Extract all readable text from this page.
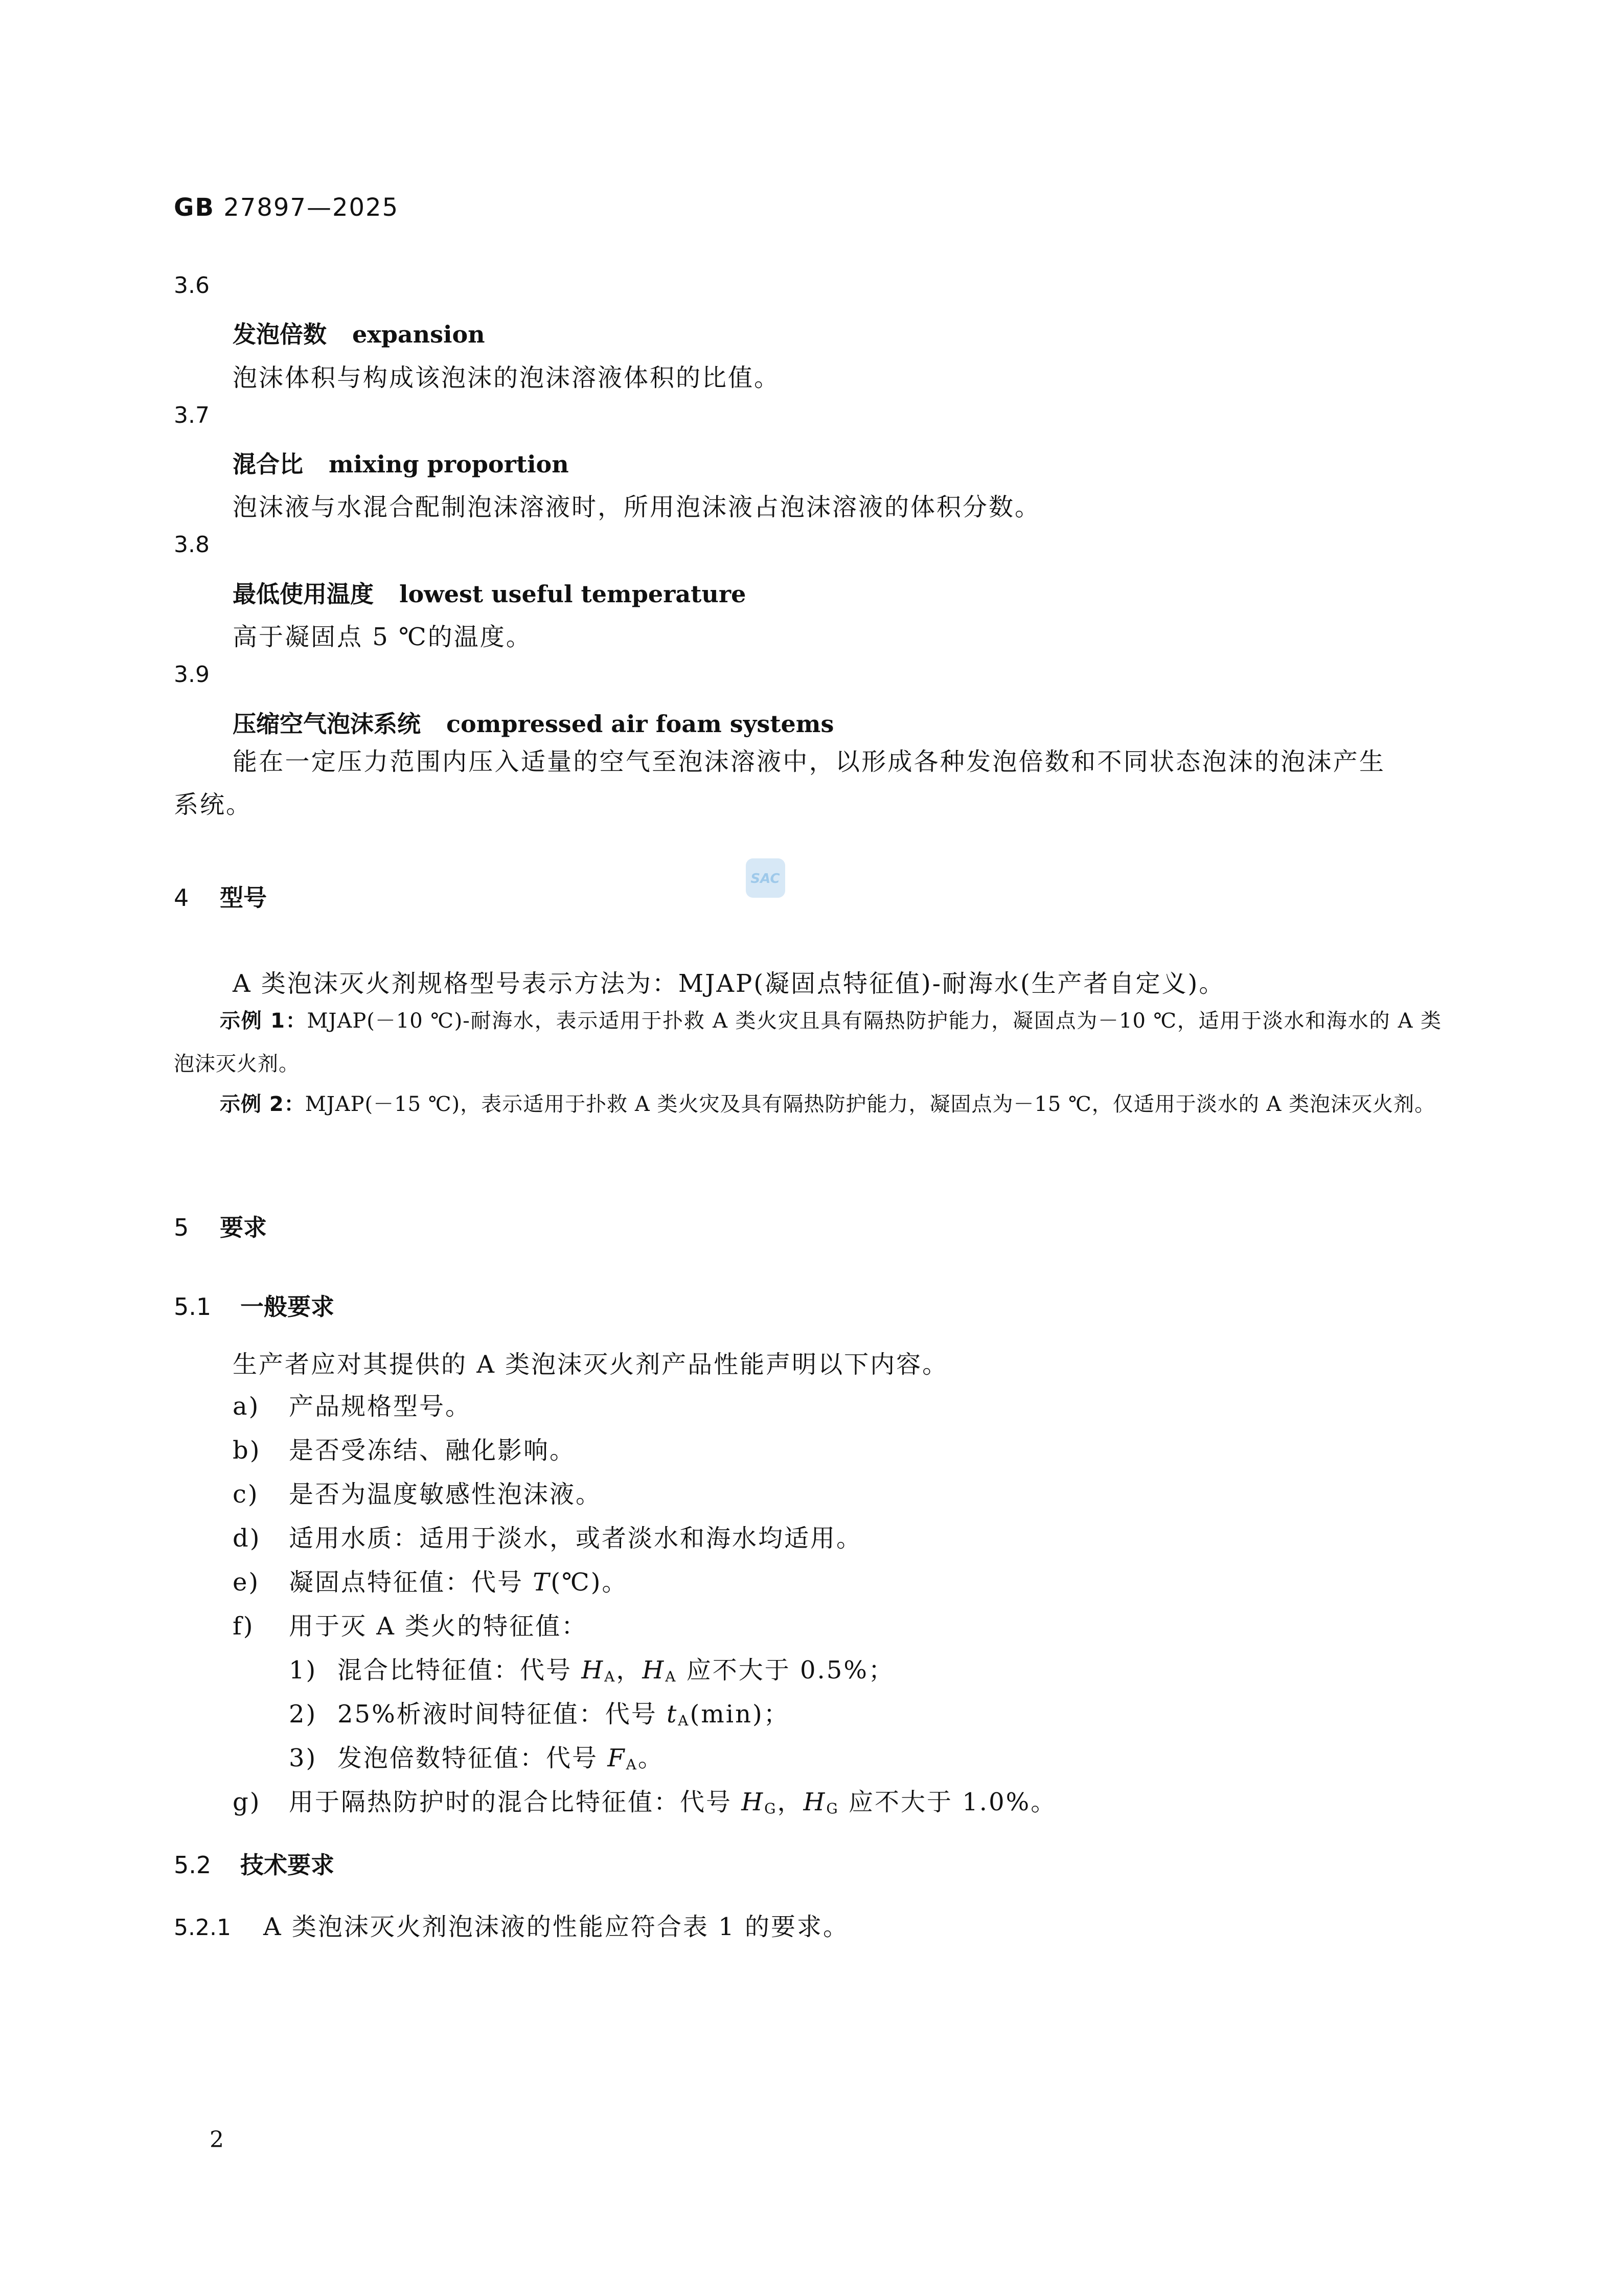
GB 27897—2025
3.6
发泡倍数 expansion
泡沫体积与构成该泡沫的泡沫溶液体积的比值。
3.7
混合比 mixing proportion
泡沫液与水混合配制泡沫溶液时，所用泡沫液占泡沫溶液的体积分数。
3.8
最低使用温度 lowest useful temperature
高于凝固点 5 ℃的温度。
3.9
压缩空气泡沫系统 compressed air foam systems
能在一定压力范围内压入适量的空气至泡沫溶液中，以形成各种发泡倍数和不同状态泡沫的泡沫产生系统。
SAC
4 型号
A 类泡沫灭火剂规格型号表示方法为：MJAP(凝固点特征值)-耐海水(生产者自定义)。
示例 1：MJAP(－10 ℃)-耐海水，表示适用于扑救 A 类火灾且具有隔热防护能力，凝固点为－10 ℃，适用于淡水和海水的 A 类泡沫灭火剂。
示例 2：MJAP(－15 ℃)，表示适用于扑救 A 类火灾及具有隔热防护能力，凝固点为－15 ℃，仅适用于淡水的 A 类泡沫灭火剂。
5 要求
5.1 一般要求
生产者应对其提供的 A 类泡沫灭火剂产品性能声明以下内容。
a) 产品规格型号。
b) 是否受冻结、融化影响。
c) 是否为温度敏感性泡沫液。
d) 适用水质：适用于淡水，或者淡水和海水均适用。
e) 凝固点特征值：代号 T(℃)。
f) 用于灭 A 类火的特征值：
1) 混合比特征值：代号 $H_A$，$H_A$ 应不大于 0.5%；
2) 25%析液时间特征值：代号 $t_A(\min)$；
3) 发泡倍数特征值：代号 $F_A$。
g) 用于隔热防护时的混合比特征值：代号 $H_G$，$H_G$ 应不大于 1.0%。
5.2 技术要求
5.2.1 A 类泡沫灭火剂泡沫液的性能应符合表 1 的要求。
2
